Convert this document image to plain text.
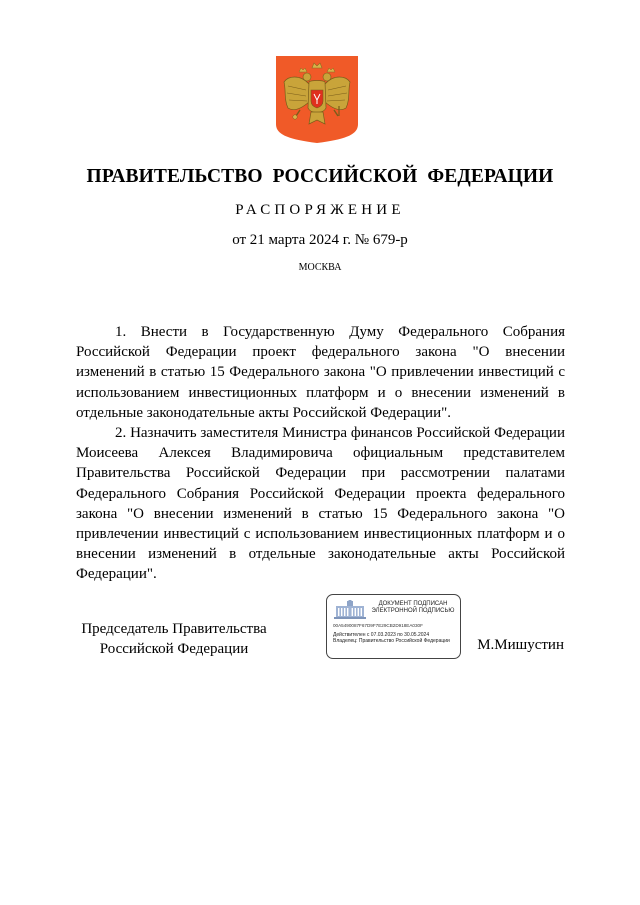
ПРАВИТЕЛЬСТВО РОССИЙСКОЙ ФЕДЕРАЦИИ
РАСПОРЯЖЕНИЕ
от 21 марта 2024 г. № 679-р
МОСКВА

1. Внести в Государственную Думу Федерального Собрания Российской Федерации проект федерального закона "О внесении изменений в статью 15 Федерального закона "О привлечении инвестиций с использованием инвестиционных платформ и о внесении изменений в отдельные законодательные акты Российской Федерации".

2. Назначить заместителя Министра финансов Российской Федерации Моисеева Алексея Владимировича официальным представителем Правительства Российской Федерации при рассмотрении палатами Федерального Собрания Российской Федерации проекта федерального закона "О внесении изменений в статью 15 Федерального закона "О привлечении инвестиций с использованием инвестиционных платформ и о внесении изменений в отдельные законодательные акты Российской Федерации".

Председатель Правительства
Российской Федерации
ДОКУМЕНТ ПОДПИСАН
ЭЛЕКТРОННОЙ ПОДПИСЬЮ
00A5490087F67D9F7E29CB2D918EA030F
Действителен с 07.03.2023 по 30.05.2024
Владелец: Правительство Российской Федерации М.Мишустин
